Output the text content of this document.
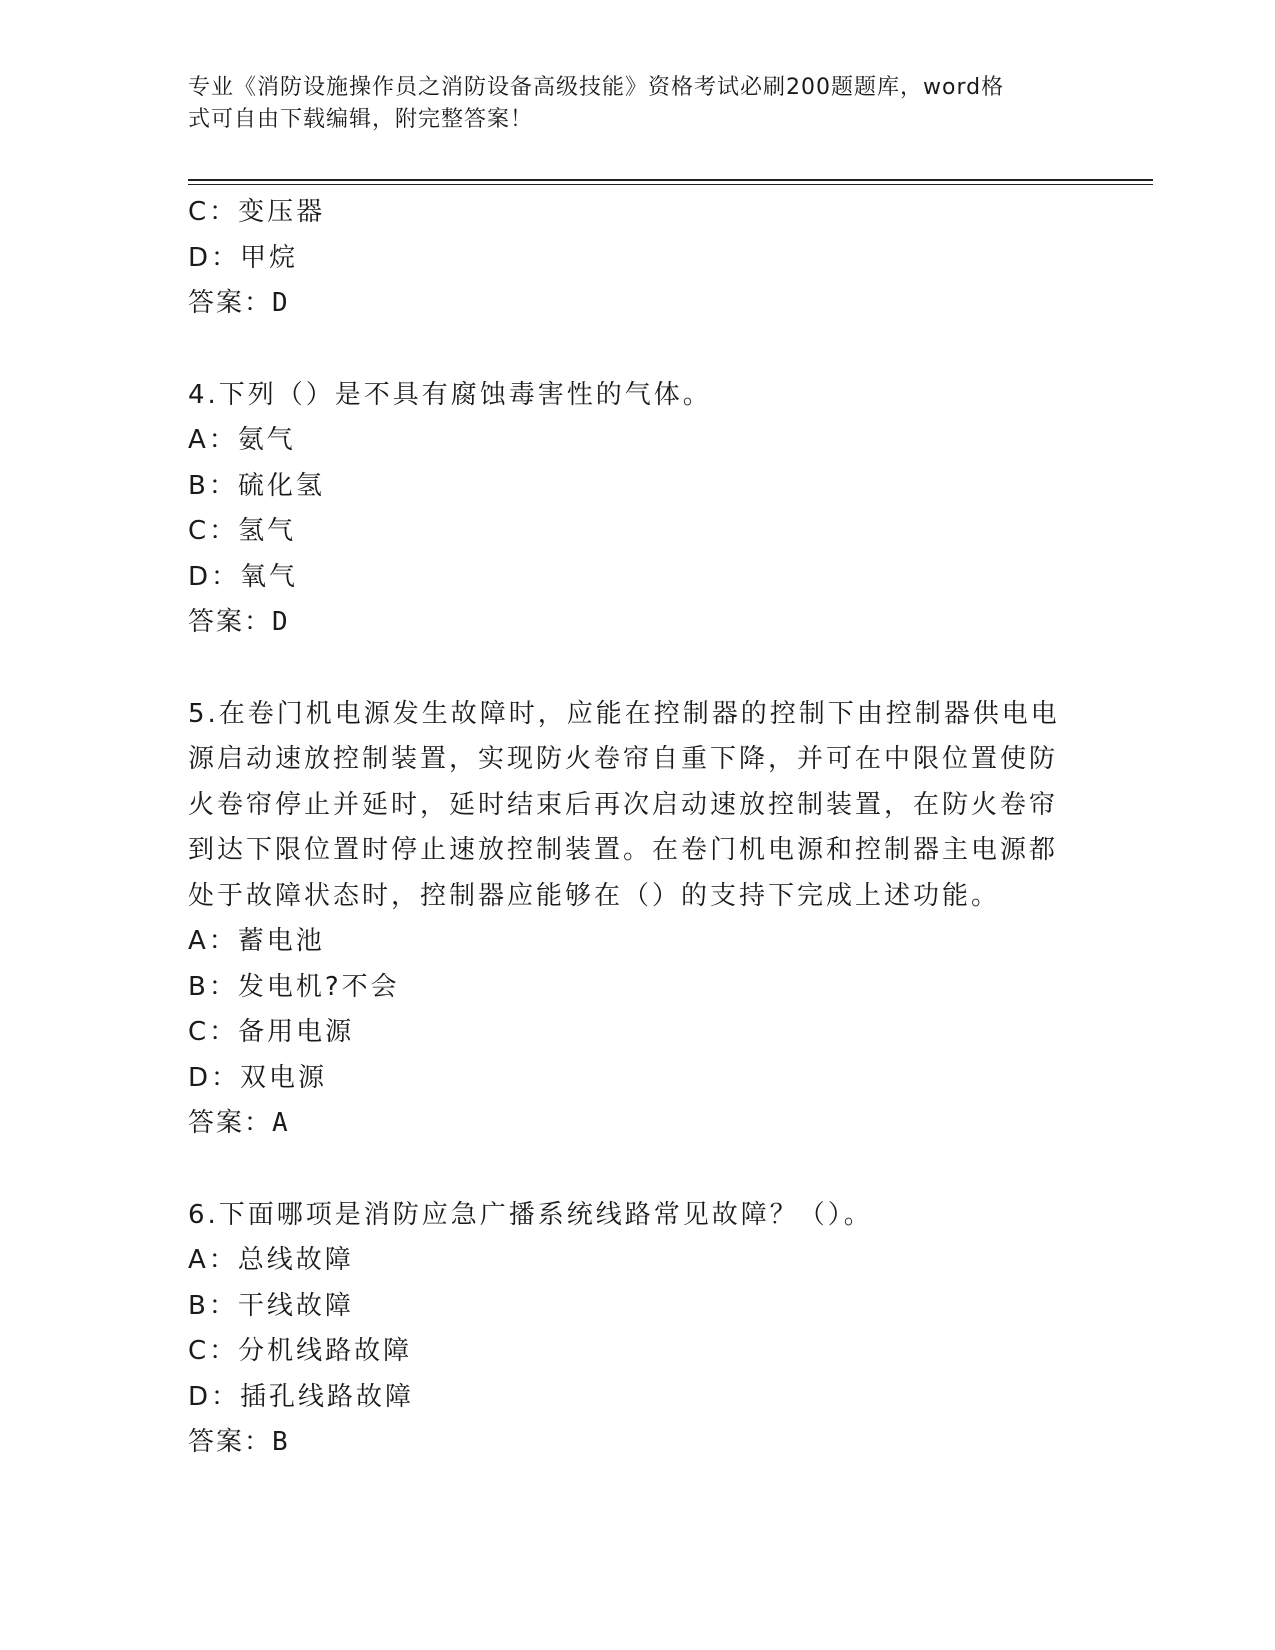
专业《消防设施操作员之消防设备高级技能》资格考试必刷200题题库，word格
式可自由下载编辑，附完整答案！
C：变压器
D：甲烷
答案：D
4.下列（）是不具有腐蚀毒害性的气体。
A：氨气
B：硫化氢
C：氢气
D：氧气
答案：D
5.在卷门机电源发生故障时，应能在控制器的控制下由控制器供电电
源启动速放控制装置，实现防火卷帘自重下降，并可在中限位置使防
火卷帘停止并延时，延时结束后再次启动速放控制装置，在防火卷帘
到达下限位置时停止速放控制装置。在卷门机电源和控制器主电源都
处于故障状态时，控制器应能够在（）的支持下完成上述功能。
A：蓄电池
B：发电机?不会
C：备用电源
D：双电源
答案：A
6.下面哪项是消防应急广播系统线路常见故障？（）。
A：总线故障
B：干线故障
C：分机线路故障
D：插孔线路故障
答案：B
